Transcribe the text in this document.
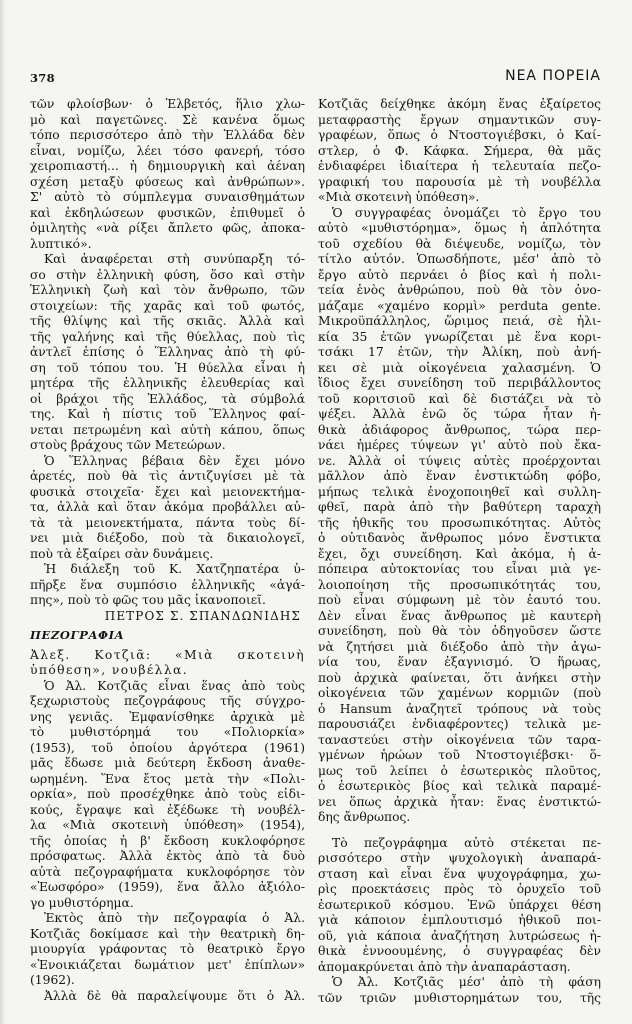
378	ΝΕΑ ΠΟΡΕΙΑ
τῶν φλοίσβων· ὁ Ἐλβετός, ἥλιο χλω-
μὸ καὶ παγετῶνες. Σὲ κανένα ὅμως
τόπο περισσότερο ἀπὸ τὴν Ἑλλάδα δὲν
εἶναι, νομίζω, λέει τόσο φανερή, τόσο
χειροπιαστή... ἡ δημιουργικὴ καὶ ἀέναη
σχέση μεταξὺ φύσεως καὶ ἀνθρώπων».
Σ' αὐτὸ τὸ σύμπλεγμα συναισθημάτων
καὶ ἐκδηλώσεων φυσικῶν, ἐπιθυμεῖ ὁ
ὁμιλητὴς «νὰ ρίξει ἄπλετο φῶς, ἀποκα-
λυπτικό».
Καὶ ἀναφέρεται στὴ συνύπαρξη τό-
σο στὴν ἑλληνικὴ φύση, ὅσο καὶ στὴν
Ἑλληνικὴ ζωὴ καὶ τὸν ἄνθρωπο, τῶν
στοιχείων: τῆς χαρᾶς καὶ τοῦ φωτός,
τῆς θλίψης καὶ τῆς σκιᾶς. Ἀλλὰ καὶ
τῆς γαλήνης καὶ τῆς θύελλας, ποὺ τὶς
ἀντλεῖ ἐπίσης ὁ Ἕλληνας ἀπὸ τὴ φύ-
ση τοῦ τόπου του. Ἡ θύελλα εἶναι ἡ
μητέρα τῆς ἑλληνικῆς ἐλευθερίας καὶ
οἱ βράχοι τῆς Ἑλλάδος, τὰ σύμβολά
της. Καὶ ἡ πίστις τοῦ Ἕλληνος φαί-
νεται πετρωμένη καὶ αὐτὴ κάπου, ὅπως
στοὺς βράχους τῶν Μετεώρων.
Ὁ Ἕλληνας βέβαια δὲν ἔχει μόνο
ἀρετές, ποὺ θὰ τὶς ἀντιζυγίσει μὲ τὰ
φυσικὰ στοιχεῖα· ἔχει καὶ μειονεκτήμα-
τα, ἀλλὰ καὶ ὅταν ἀκόμα προβάλλει αὐ-
τὰ τὰ μειονεκτήματα, πάντα τοὺς δί-
νει μιὰ διέξοδο, ποὺ τὰ δικαιολογεῖ,
ποὺ τὰ ἐξαίρει σὰν δυνάμεις.
Ἡ διάλεξη τοῦ Κ. Χατζηπατέρα ὑ-
πῆρξε ἕνα συμπόσιο ἑλληνικῆς «ἀγά-
πης», ποὺ τὸ φῶς του μᾶς ἱκανοποιεῖ.
ΠΕΤΡΟΣ Σ. ΣΠΑΝΔΩΝΙΔΗΣ
ΠΕΖΟΓΡΑΦΙΑ
Ἀλεξ. Κοτζιᾶ: «Μιὰ σκοτεινὴ
ὑπόθεση», νουβέλλα.
Ὁ Ἀλ. Κοτζιᾶς εἶναι ἕνας ἀπὸ τοὺς
ξεχωριστοὺς πεζογράφους τῆς σύγχρο-
νης γενιᾶς. Ἐμφανίσθηκε ἀρχικὰ μὲ
τὸ μυθιστόρημά του «Πολιορκία»
(1953), τοῦ ὁποίου ἀργότερα (1961)
μᾶς ἔδωσε μιὰ δεύτερη ἔκδοση ἀναθε-
ωρημένη. Ἕνα ἔτος μετὰ τὴν «Πολι-
ορκία», ποὺ προσέχθηκε ἀπὸ τοὺς εἰδι-
κούς, ἔγραψε καὶ ἐξέδωκε τὴ νουβέλ-
λα «Μιὰ σκοτεινὴ ὑπόθεση» (1954),
τῆς ὁποίας ἡ β' ἔκδοση κυκλοφόρησε
πρόσφατως. Ἀλλὰ ἐκτὸς ἀπὸ τὰ δυὸ
αὐτὰ πεζογραφήματα κυκλοφόρησε τὸν
«Ἐωσφόρο» (1959), ἕνα ἄλλο ἀξιόλο-
γο μυθιστόρημα.
Ἐκτὸς ἀπὸ τὴν πεζογραφία ὁ Ἀλ.
Κοτζιᾶς δοκίμασε καὶ τὴν θεατρικὴ δη-
μιουργία γράφοντας τὸ θεατρικὸ ἔργο
«Ἐνοικιάζεται δωμάτιον μετ' ἐπίπλων»
(1962).
Ἀλλὰ δὲ θὰ παραλείψουμε ὅτι ὁ Ἀλ.
Κοτζιᾶς δείχθηκε ἀκόμη ἕνας ἐξαίρετος
μεταφραστὴς ἔργων σημαντικῶν συγ-
γραφέων, ὅπως ὁ Ντοστογιέβσκι, ὁ Καί-
στλερ, ὁ Φ. Κάφκα. Σήμερα, θὰ μᾶς
ἐνδιαφέρει ἰδιαίτερα ἡ τελευταία πεζο-
γραφική του παρουσία μὲ τὴ νουβέλλα
«Μιὰ σκοτεινὴ ὑπόθεση».
Ὁ συγγραφέας ὀνομάζει τὸ ἔργο του
αὐτὸ «μυθιστόρημα», ὅμως ἡ ἁπλότητα
τοῦ σχεδίου θὰ διέψευδε, νομίζω, τὸν
τίτλο αὐτόν. Ὁπωσδήποτε, μέσ' ἀπὸ τὸ
ἔργο αὐτὸ περνάει ὁ βίος καὶ ἡ πολι-
τεία ἑνὸς ἀνθρώπου, ποὺ θὰ τὸν ὀνο-
μάζαμε «χαμένο κορμὶ» perduta gente.
Μικροϋπάλληλος, ὥριμος πειά, σὲ ἡλι-
κία 35 ἐτῶν γνωρίζεται μὲ ἕνα κορι-
τσάκι 17 ἐτῶν, τὴν Ἀλίκη, ποὺ ἀνή-
κει σὲ μιὰ οἰκογένεια χαλασμένη. Ὁ
ἴδιος ἔχει συνείδηση τοῦ περιβάλλοντος
τοῦ κοριτσιοῦ καὶ δὲ διστάζει νὰ τὸ
ψέξει. Ἀλλὰ ἐνῶ ὅς τώρα ἦταν ἠ-
θικὰ ἀδιάφορος ἄνθρωπος, τώρα περ-
νάει ἡμέρες τύψεων γι' αὐτὸ ποὺ ἔκα-
νε. Ἀλλὰ οἱ τύψεις αὐτὲς προέρχονται
μᾶλλον ἀπὸ ἕναν ἐνστικτώδη φόβο,
μήπως τελικὰ ἐνοχοποιηθεῖ καὶ συλλη-
φθεῖ, παρὰ ἀπὸ τὴν βαθύτερη ταραχὴ
τῆς ἠθικῆς του προσωπικότητας. Αὐτὸς
ὁ οὐτιδανὸς ἄνθρωπος μόνο ἔνστικτα
ἔχει, ὄχι συνείδηση. Καὶ ἀκόμα, ἡ ἀ-
πόπειρα αὐτοκτονίας του εἶναι μιὰ γε-
λοιοποίηση τῆς προσωπικότητάς του,
ποὺ εἶναι σύμφωνη μὲ τὸν ἑαυτό του.
Δὲν εἶναι ἕνας ἄνθρωπος μὲ καυτερὴ
συνείδηση, ποὺ θὰ τὸν ὁδηγοῦσεν ὥστε
νὰ ζητήσει μιὰ διέξοδο ἀπὸ τὴν ἀγω-
νία του, ἕναν ἐξαγνισμό. Ὁ ἥρωας,
ποὺ ἀρχικὰ φαίνεται, ὅτι ἀνήκει στὴν
οἰκογένεια τῶν χαμένων κορμιῶν (ποὺ
ὁ Hansum ἀναζητεῖ τρόπους νὰ τοὺς
παρουσιάζει ἐνδιαφέροντες) τελικὰ με-
ταναστεύει στὴν οἰκογένεια τῶν ταρα-
γμένων ἡρώων τοῦ Ντοστογιέβσκι· ὅ-
μως τοῦ λείπει ὁ ἐσωτερικὸς πλοῦτος,
ὁ ἐσωτερικὸς βίος καὶ τελικὰ παραμέ-
νει ὅπως ἀρχικὰ ἦταν: ἕνας ἐνστικτώ-
δης ἄνθρωπος.
Τὸ πεζογράφημα αὐτὸ στέκεται πε-
ρισσότερο στὴν ψυχολογικὴ ἀναπαρά-
σταση καὶ εἶναι ἕνα ψυχογράφημα, χω-
ρὶς προεκτάσεις πρὸς τὸ ὁρυχεῖο τοῦ
ἐσωτερικοῦ κόσμου. Ἐνῶ ὑπάρχει θέση
γιὰ κάποιον ἐμπλουτισμό ἠθικοῦ ποι-
οῦ, γιὰ κάποια ἀναζήτηση λυτρώσεως ἠ-
θικὰ ἐννοουμένης, ὁ συγγραφέας δὲν
ἀπομακρύνεται ἀπὸ τὴν ἀναπαράσταση.
Ὁ Ἀλ. Κοτζιᾶς μέσ' ἀπὸ τὴ φάση
τῶν τριῶν μυθιστορημάτων του, τῆς
